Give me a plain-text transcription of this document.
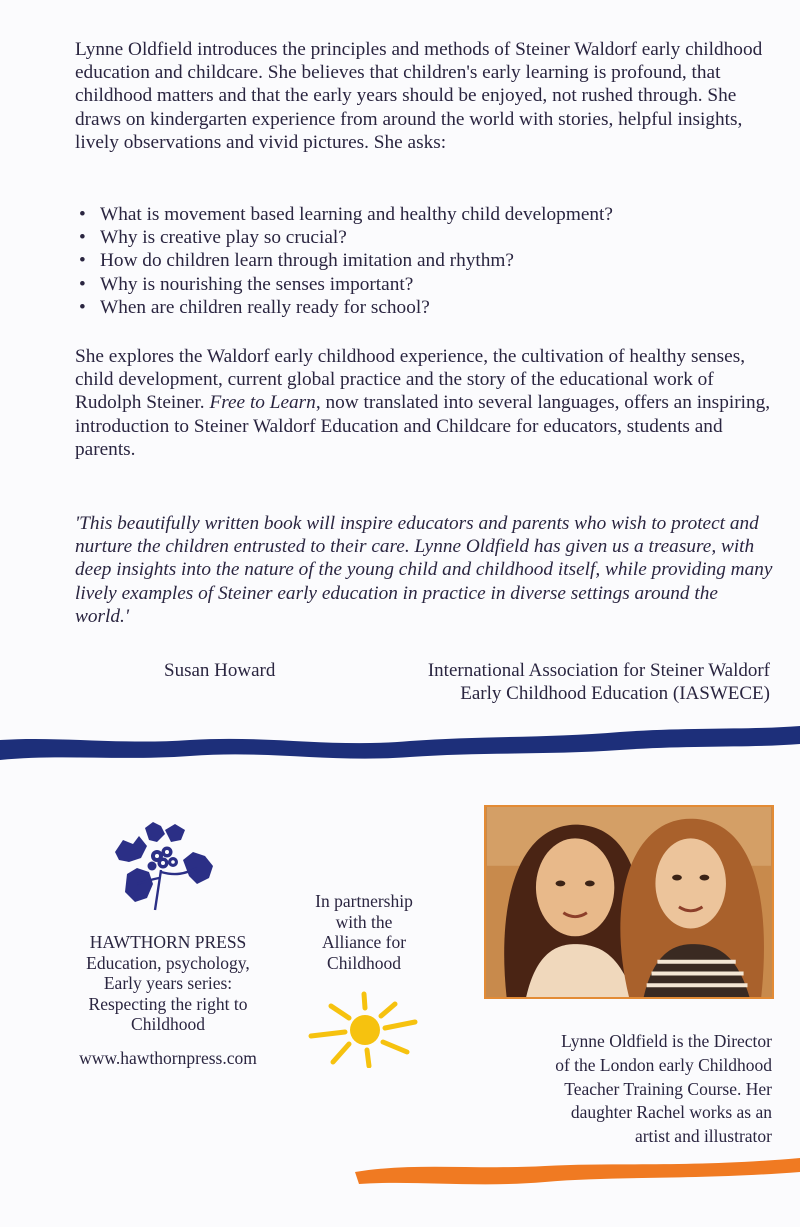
Lynne Oldfield introduces the principles and methods of Steiner Waldorf early childhood education and childcare. She believes that children's early learning is profound, that childhood matters and that the early years should be enjoyed, not rushed through. She draws on kindergarten experience from around the world with stories, helpful insights, lively observations and vivid pictures. She asks:

• What is movement based learning and healthy child development?
• Why is creative play so crucial?
• How do children learn through imitation and rhythm?
• Why is nourishing the senses important?
• When are children really ready for school?

She explores the Waldorf early childhood experience, the cultivation of healthy senses, child development, current global practice and the story of the educational work of Rudolph Steiner. Free to Learn, now translated into several languages, offers an inspiring, introduction to Steiner Waldorf Education and Childcare for educators, students and parents.

'This beautifully written book will inspire educators and parents who wish to protect and nurture the children entrusted to their care. Lynne Oldfield has given us a treasure, with deep insights into the nature of the young child and childhood itself, while providing many lively examples of Steiner early education in practice in diverse settings around the world.'

Susan Howard	International Association for Steiner Waldorf
Early Childhood Education (IASWECE)
HAWTHORN PRESS
Education, psychology,
Early years series:
Respecting the right to
Childhood
www.hawthornpress.com
In partnership
with the
Alliance for
Childhood
Lynne Oldfield is the Director
of the London early Childhood
Teacher Training Course. Her
daughter Rachel works as an
artist and illustrator
